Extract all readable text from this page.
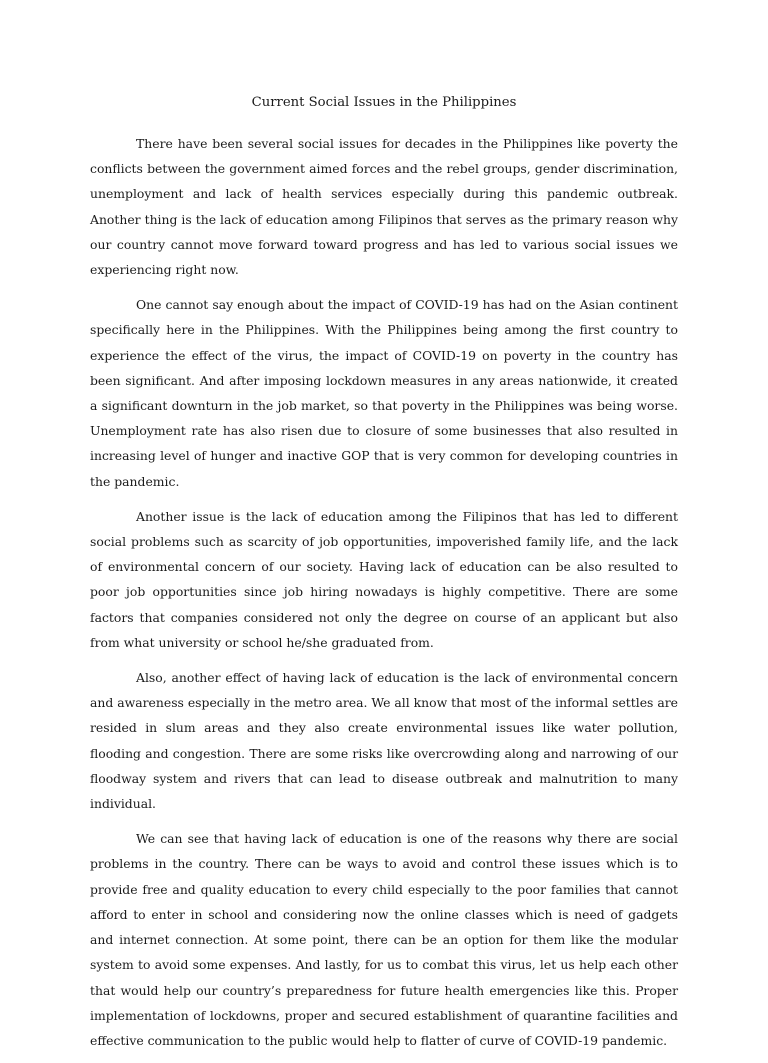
Current Social Issues in the Philippines

There have been several social issues for decades in the Philippines like poverty the conflicts between the government aimed forces and the rebel groups, gender discrimination, unemployment and lack of health services especially during this pandemic outbreak. Another thing is the lack of education among Filipinos that serves as the primary reason why our country cannot move forward toward progress and has led to various social issues we experiencing right now.

One cannot say enough about the impact of COVID-19 has had on the Asian continent specifically here in the Philippines. With the Philippines being among the first country to experience the effect of the virus, the impact of COVID-19 on poverty in the country has been significant. And after imposing lockdown measures in any areas nationwide, it created a significant downturn in the job market, so that poverty in the Philippines was being worse. Unemployment rate has also risen due to closure of some businesses that also resulted in increasing level of hunger and inactive GOP that is very common for developing countries in the pandemic.

Another issue is the lack of education among the Filipinos that has led to different social problems such as scarcity of job opportunities, impoverished family life, and the lack of environmental concern of our society. Having lack of education can be also resulted to poor job opportunities since job hiring nowadays is highly competitive. There are some factors that companies considered not only the degree on course of an applicant but also from what university or school he/she graduated from.

Also, another effect of having lack of education is the lack of environmental concern and awareness especially in the metro area. We all know that most of the informal settles are resided in slum areas and they also create environmental issues like water pollution, flooding and congestion. There are some risks like overcrowding along and narrowing of our floodway system and rivers that can lead to disease outbreak and malnutrition to many individual.

We can see that having lack of education is one of the reasons why there are social problems in the country. There can be ways to avoid and control these issues which is to provide free and quality education to every child especially to the poor families that cannot afford to enter in school and considering now the online classes which is need of gadgets and internet connection. At some point, there can be an option for them like the modular system to avoid some expenses. And lastly, for us to combat this virus, let us help each other that would help our country’s preparedness for future health emergencies like this. Proper implementation of lockdowns, proper and secured establishment of quarantine facilities and effective communication to the public would help to flatter of curve of COVID-19 pandemic.
